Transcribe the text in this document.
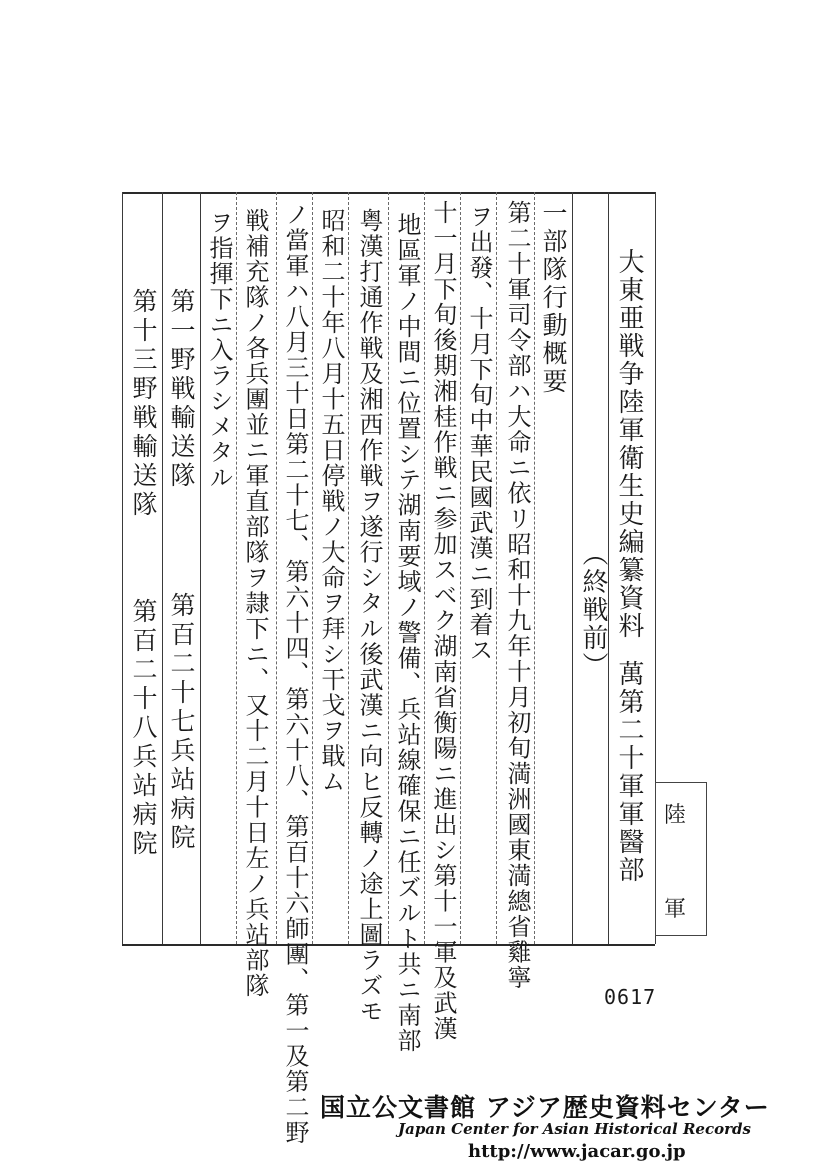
大東亜戦争陸軍衛生史編纂資料
（終戦前）
萬第二十軍軍醫部
一部隊行動概要
第二十軍司令部ハ大命ニ依リ昭和十九年十月初旬満洲國東満總省雞寧
ヲ出發、十月下旬中華民國武漢ニ到着ス
十一月下旬後期湘桂作戦ニ参加スベク湖南省衡陽ニ進出シ第十一軍及武漢
地區軍ノ中間ニ位置シテ湖南要域ノ警備、兵站線確保ニ任ズルト共ニ南部
粤漢打通作戦及湘西作戦ヲ遂行シタル後武漢ニ向ヒ反轉ノ途上圖ラズモ
昭和二十年八月十五日停戦ノ大命ヲ拜シ干戈ヲ戢ム
ノ當軍ハ八月三十日第二十七、第六十四、第六十八、第百十六師團、第一及第二野
戦補充隊ノ各兵團並ニ軍直部隊ヲ隷下ニ、又十二月十日左ノ兵站部隊
ヲ指揮下ニ入ラシメタル
第一野戦輸送隊
第十三野戦輸送隊
第百二十七兵站病院
第百二十八兵站病院	陸
軍
0617
国立公文書館 アジア歴史資料センター
Japan Center for Asian Historical Records
http://www.jacar.go.jp
